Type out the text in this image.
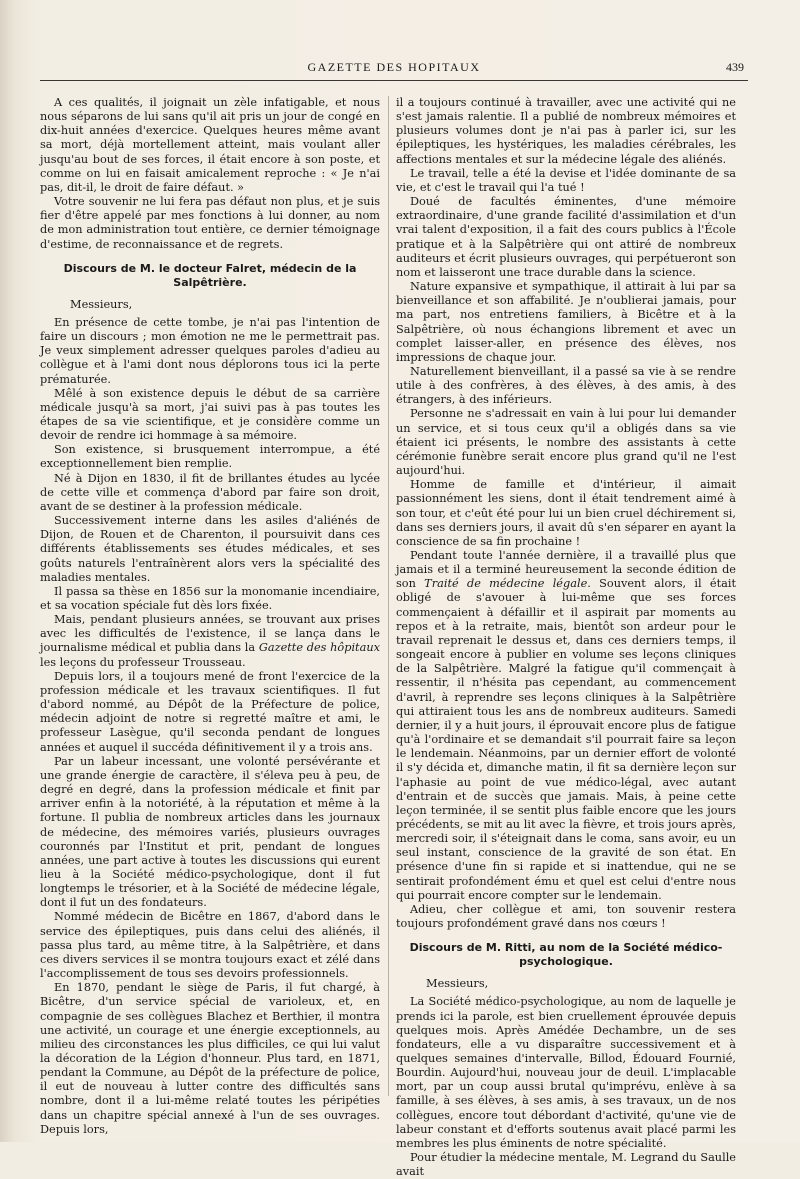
GAZETTE DES HOPITAUX	439

A ces qualités, il joignait un zèle infatigable, et nous nous séparons de lui sans qu'il ait pris un jour de congé en dix-huit années d'exercice. Quelques heures même avant sa mort, déjà mortellement atteint, mais voulant aller jusqu'au bout de ses forces, il était encore à son poste, et comme on lui en faisait amicalement reproche : « Je n'ai pas, dit-il, le droit de faire défaut. »

Votre souvenir ne lui fera pas défaut non plus, et je suis fier d'être appelé par mes fonctions à lui donner, au nom de mon administration tout entière, ce dernier témoignage d'estime, de reconnaissance et de regrets.

Discours de M. le docteur Falret, médecin de la Salpêtrière.

Messieurs,

En présence de cette tombe, je n'ai pas l'intention de faire un discours ; mon émotion ne me le permettrait pas. Je veux simplement adresser quelques paroles d'adieu au collègue et à l'ami dont nous déplorons tous ici la perte prématurée.

Mêlé à son existence depuis le début de sa carrière médicale jusqu'à sa mort, j'ai suivi pas à pas toutes les étapes de sa vie scientifique, et je considère comme un devoir de rendre ici hommage à sa mémoire.

Son existence, si brusquement interrompue, a été exceptionnellement bien remplie.

Né à Dijon en 1830, il fit de brillantes études au lycée de cette ville et commença d'abord par faire son droit, avant de se destiner à la profession médicale.

Successivement interne dans les asiles d'aliénés de Dijon, de Rouen et de Charenton, il poursuivit dans ces différents établissements ses études médicales, et ses goûts naturels l'entraînèrent alors vers la spécialité des maladies mentales.

Il passa sa thèse en 1856 sur la monomanie incendiaire, et sa vocation spéciale fut dès lors fixée.

Mais, pendant plusieurs années, se trouvant aux prises avec les difficultés de l'existence, il se lança dans le journalisme médical et publia dans la Gazette des hôpitaux les leçons du professeur Trousseau.

Depuis lors, il a toujours mené de front l'exercice de la profession médicale et les travaux scientifiques. Il fut d'abord nommé, au Dépôt de la Préfecture de police, médecin adjoint de notre si regretté maître et ami, le professeur Lasègue, qu'il seconda pendant de longues années et auquel il succéda définitivement il y a trois ans.

Par un labeur incessant, une volonté persévérante et une grande énergie de caractère, il s'éleva peu à peu, de degré en degré, dans la profession médicale et finit par arriver enfin à la notoriété, à la réputation et même à la fortune. Il publia de nombreux articles dans les journaux de médecine, des mémoires variés, plusieurs ouvrages couronnés par l'Institut et prit, pendant de longues années, une part active à toutes les discussions qui eurent lieu à la Société médico-psychologique, dont il fut longtemps le trésorier, et à la Société de médecine légale, dont il fut un des fondateurs.

Nommé médecin de Bicêtre en 1867, d'abord dans le service des épileptiques, puis dans celui des aliénés, il passa plus tard, au même titre, à la Salpêtrière, et dans ces divers services il se montra toujours exact et zélé dans l'accomplissement de tous ses devoirs professionnels.

En 1870, pendant le siège de Paris, il fut chargé, à Bicêtre, d'un service spécial de varioleux, et, en compagnie de ses collègues Blachez et Berthier, il montra une activité, un courage et une énergie exceptionnels, au milieu des circonstances les plus difficiles, ce qui lui valut la décoration de la Légion d'honneur. Plus tard, en 1871, pendant la Commune, au Dépôt de la préfecture de police, il eut de nouveau à lutter contre des difficultés sans nombre, dont il a lui-même relaté toutes les péripéties dans un chapitre spécial annexé à l'un de ses ouvrages. Depuis lors,

il a toujours continué à travailler, avec une activité qui ne s'est jamais ralentie. Il a publié de nombreux mémoires et plusieurs volumes dont je n'ai pas à parler ici, sur les épileptiques, les hystériques, les maladies cérébrales, les affections mentales et sur la médecine légale des aliénés.

Le travail, telle a été la devise et l'idée dominante de sa vie, et c'est le travail qui l'a tué !

Doué de facultés éminentes, d'une mémoire extraordinaire, d'une grande facilité d'assimilation et d'un vrai talent d'exposition, il a fait des cours publics à l'École pratique et à la Salpêtrière qui ont attiré de nombreux auditeurs et écrit plusieurs ouvrages, qui perpétueront son nom et laisseront une trace durable dans la science.

Nature expansive et sympathique, il attirait à lui par sa bienveillance et son affabilité. Je n'oublierai jamais, pour ma part, nos entretiens familiers, à Bicêtre et à la Salpêtrière, où nous échangions librement et avec un complet laisser-aller, en présence des élèves, nos impressions de chaque jour.

Naturellement bienveillant, il a passé sa vie à se rendre utile à des confrères, à des élèves, à des amis, à des étrangers, à des inférieurs.

Personne ne s'adressait en vain à lui pour lui demander un service, et si tous ceux qu'il a obligés dans sa vie étaient ici présents, le nombre des assistants à cette cérémonie funèbre serait encore plus grand qu'il ne l'est aujourd'hui.

Homme de famille et d'intérieur, il aimait passionnément les siens, dont il était tendrement aimé à son tour, et c'eût été pour lui un bien cruel déchirement si, dans ses derniers jours, il avait dû s'en séparer en ayant la conscience de sa fin prochaine !

Pendant toute l'année dernière, il a travaillé plus que jamais et il a terminé heureusement la seconde édition de son Traité de médecine légale. Souvent alors, il était obligé de s'avouer à lui-même que ses forces commençaient à défaillir et il aspirait par moments au repos et à la retraite, mais, bientôt son ardeur pour le travail reprenait le dessus et, dans ces derniers temps, il songeait encore à publier en volume ses leçons cliniques de la Salpêtrière. Malgré la fatigue qu'il commençait à ressentir, il n'hésita pas cependant, au commencement d'avril, à reprendre ses leçons cliniques à la Salpêtrière qui attiraient tous les ans de nombreux auditeurs. Samedi dernier, il y a huit jours, il éprouvait encore plus de fatigue qu'à l'ordinaire et se demandait s'il pourrait faire sa leçon le lendemain. Néanmoins, par un dernier effort de volonté il s'y décida et, dimanche matin, il fit sa dernière leçon sur l'aphasie au point de vue médico-légal, avec autant d'entrain et de succès que jamais. Mais, à peine cette leçon terminée, il se sentit plus faible encore que les jours précédents, se mit au lit avec la fièvre, et trois jours après, mercredi soir, il s'éteignait dans le coma, sans avoir, eu un seul instant, conscience de la gravité de son état. En présence d'une fin si rapide et si inattendue, qui ne se sentirait profondément ému et quel est celui d'entre nous qui pourrait encore compter sur le lendemain.

Adieu, cher collègue et ami, ton souvenir restera toujours profondément gravé dans nos cœurs !

Discours de M. Ritti, au nom de la Société médico-psychologique.

Messieurs,

La Société médico-psychologique, au nom de laquelle je prends ici la parole, est bien cruellement éprouvée depuis quelques mois. Après Amédée Dechambre, un de ses fondateurs, elle a vu disparaître successivement et à quelques semaines d'intervalle, Billod, Édouard Fournié, Bourdin. Aujourd'hui, nouveau jour de deuil. L'implacable mort, par un coup aussi brutal qu'imprévu, enlève à sa famille, à ses élèves, à ses amis, à ses travaux, un de nos collègues, encore tout débordant d'activité, qu'une vie de labeur constant et d'efforts soutenus avait placé parmi les membres les plus éminents de notre spécialité.

Pour étudier la médecine mentale, M. Legrand du Saulle avait
